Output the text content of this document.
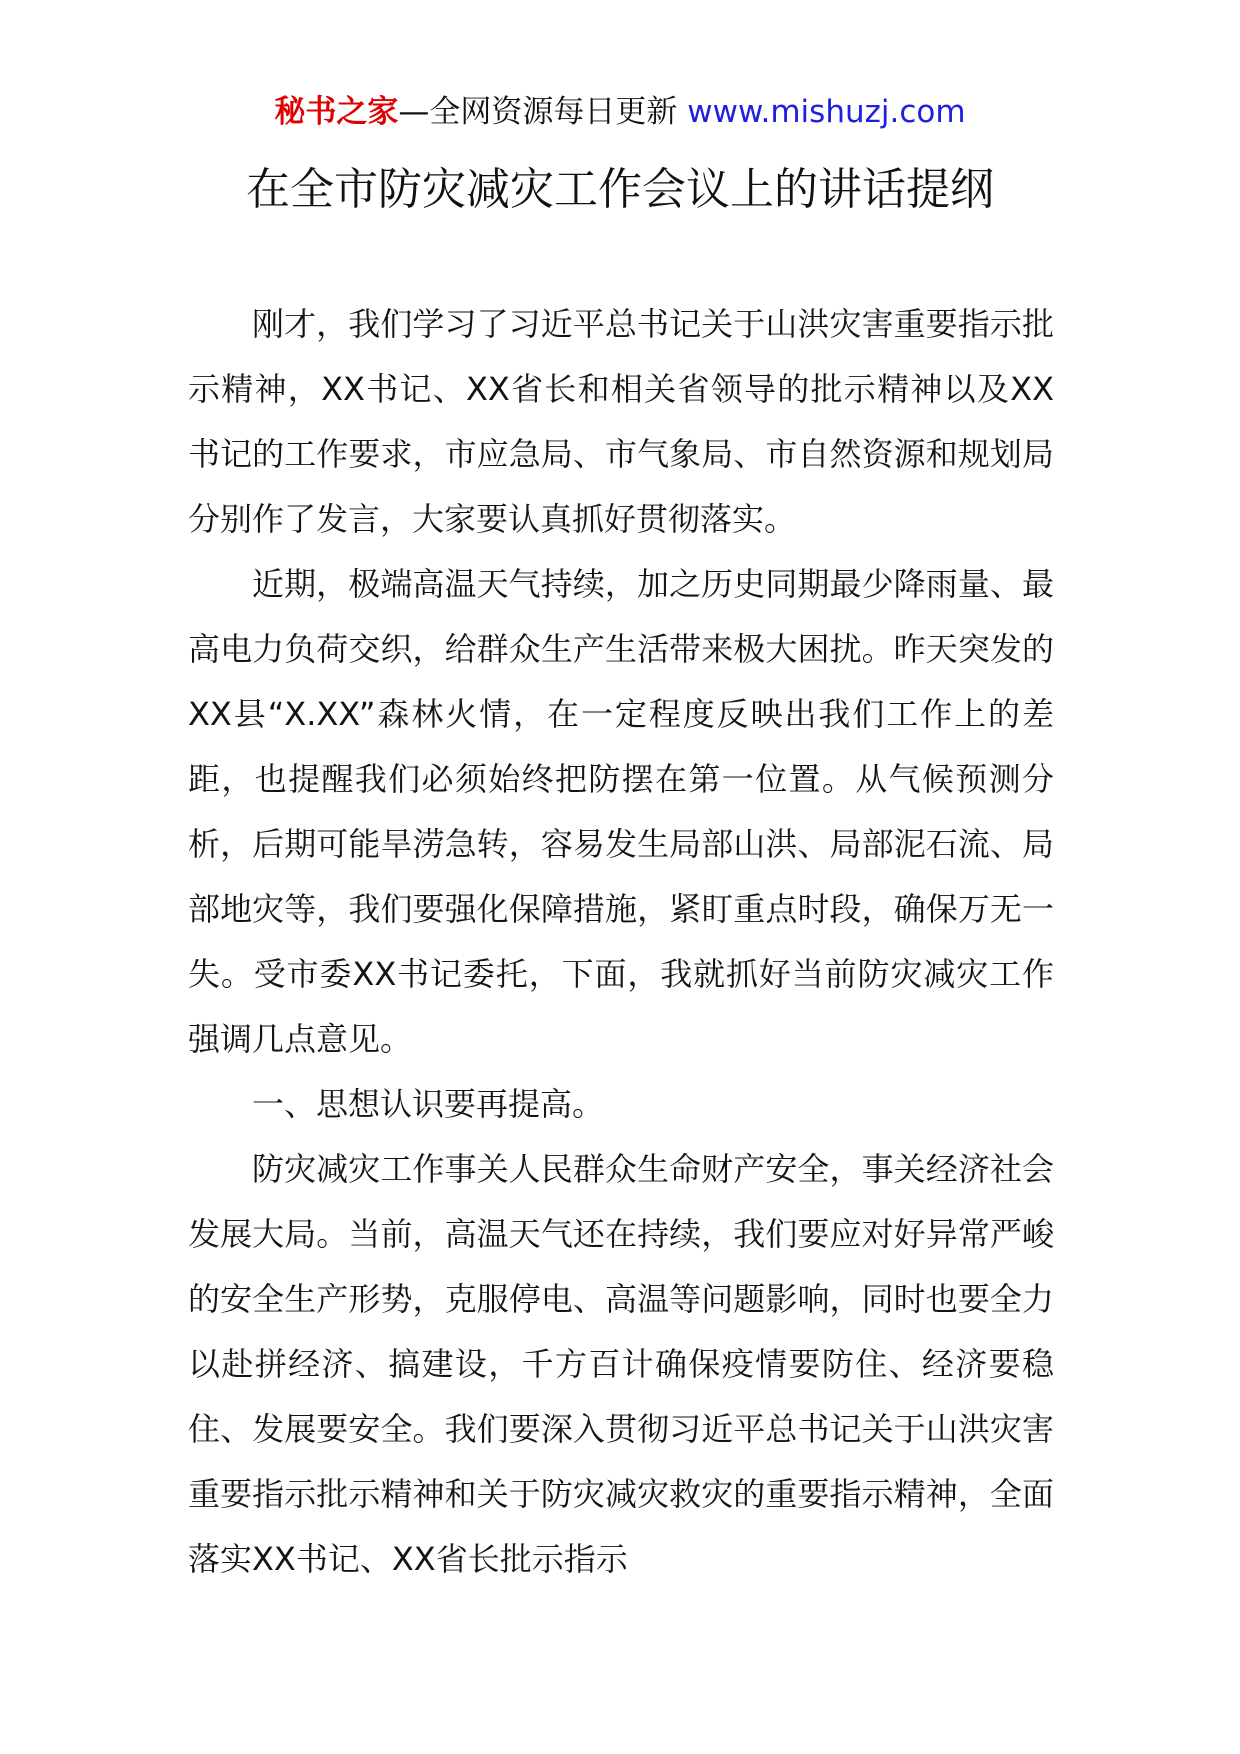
秘书之家—全网资源每日更新 www.mishuzj.com
在全市防灾减灾工作会议上的讲话提纲

刚才，我们学习了习近平总书记关于山洪灾害重要指示批示精神，XX书记、XX省长和相关省领导的批示精神以及XX书记的工作要求，市应急局、市气象局、市自然资源和规划局分别作了发言，大家要认真抓好贯彻落实。

近期，极端高温天气持续，加之历史同期最少降雨量、最高电力负荷交织，给群众生产生活带来极大困扰。昨天突发的XX县“X.XX”森林火情，在一定程度反映出我们工作上的差距，也提醒我们必须始终把防摆在第一位置。从气候预测分析，后期可能旱涝急转，容易发生局部山洪、局部泥石流、局部地灾等，我们要强化保障措施，紧盯重点时段，确保万无一失。受市委XX书记委托，下面，我就抓好当前防灾减灾工作强调几点意见。

一、思想认识要再提高。

防灾减灾工作事关人民群众生命财产安全，事关经济社会发展大局。当前，高温天气还在持续，我们要应对好异常严峻的安全生产形势，克服停电、高温等问题影响，同时也要全力以赴拼经济、搞建设，千方百计确保疫情要防住、经济要稳住、发展要安全。我们要深入贯彻习近平总书记关于山洪灾害重要指示批示精神和关于防灾减灾救灾的重要指示精神，全面落实XX书记、XX省长批示指示
